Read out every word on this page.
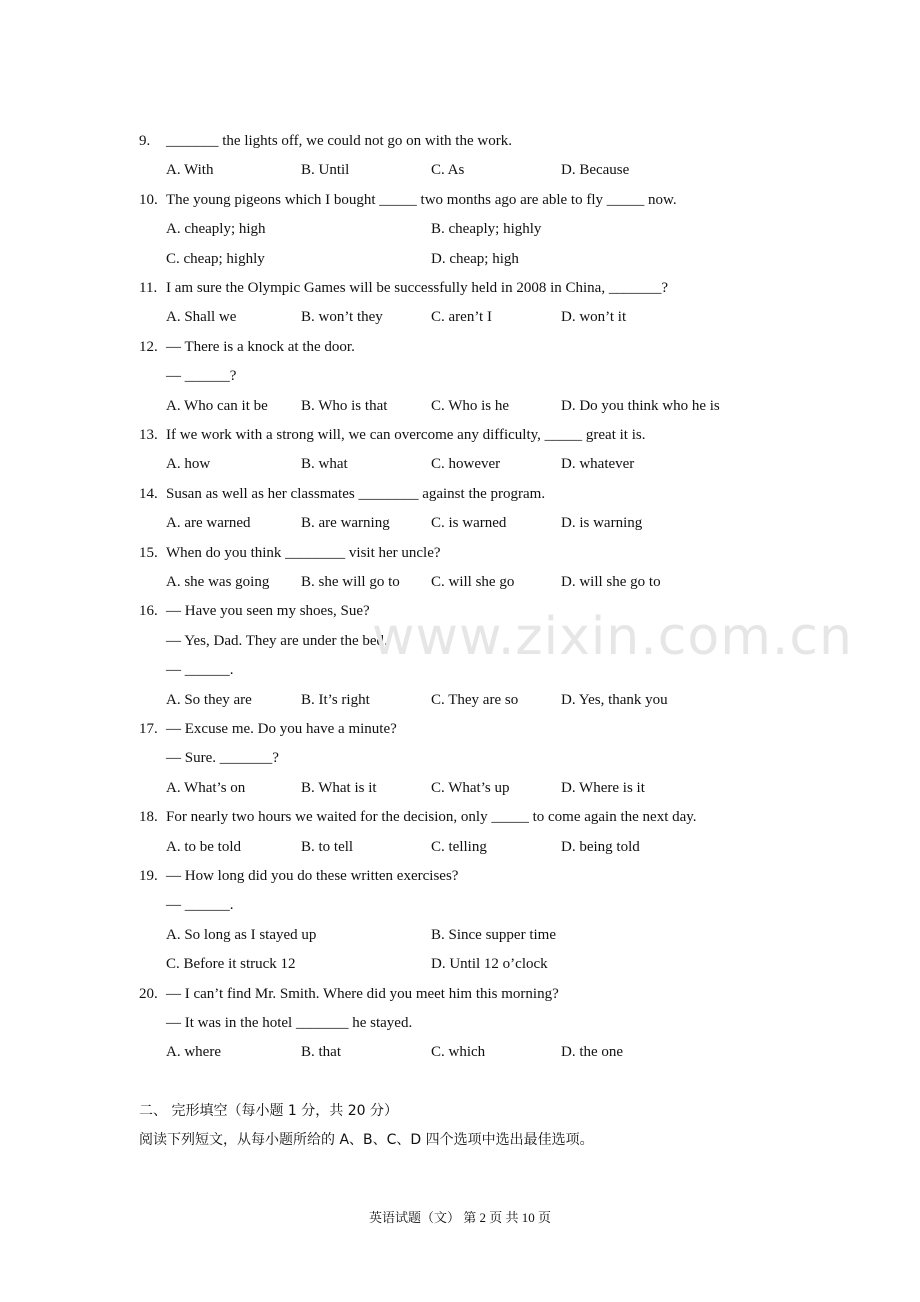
9. _______ the lights off, we could not go on with the work.
A. With	B. Until	C. As	D. Because
10. The young pigeons which I bought _____ two months ago are able to fly _____ now.
A. cheaply; high	B. cheaply; highly
C. cheap; highly	D. cheap; high
11. I am sure the Olympic Games will be successfully held in 2008 in China, _______?
A. Shall we	B. won’t they	C. aren’t I	D. won’t it
12. — There is a knock at the door.
— ______?
A. Who can it be B. Who is that	C. Who is he	D. Do you think who he is
13. If we work with a strong will, we can overcome any difficulty, _____ great it is.
A. how	B. what	C. however	D. whatever
14. Susan as well as her classmates ________ against the program.
A. are warned	B. are warning	C. is warned	D. is warning
15. When do you think ________ visit her uncle?
A. she was going B. she will go to C. will she go	D. will she go to
16. — Have you seen my shoes, Sue?
— Yes, Dad. They are under the bed.
— ______.
A. So they are	B. It’s right	C. They are so	D. Yes, thank you
17. — Excuse me. Do you have a minute?
— Sure. _______?
A. What’s on	B. What is it	C. What’s up	D. Where is it
18. For nearly two hours we waited for the decision, only _____ to come again the next day.
A. to be told	B. to tell	C. telling	D. being told
19. — How long did you do these written exercises?
— ______.
A. So long as I stayed up	B. Since supper time
C. Before it struck 12	D. Until 12 o’clock
20. — I can’t find Mr. Smith. Where did you meet him this morning?
— It was in the hotel _______ he stayed.
A. where	B. that	C. which	D. the one
二、 完形填空（每小题 1 分，共 20 分）
阅读下列短文，从每小题所给的 A、B、C、D 四个选项中选出最佳选项。
英语试题（文） 第 2 页 共 10 页
www.zixin.com.cn
